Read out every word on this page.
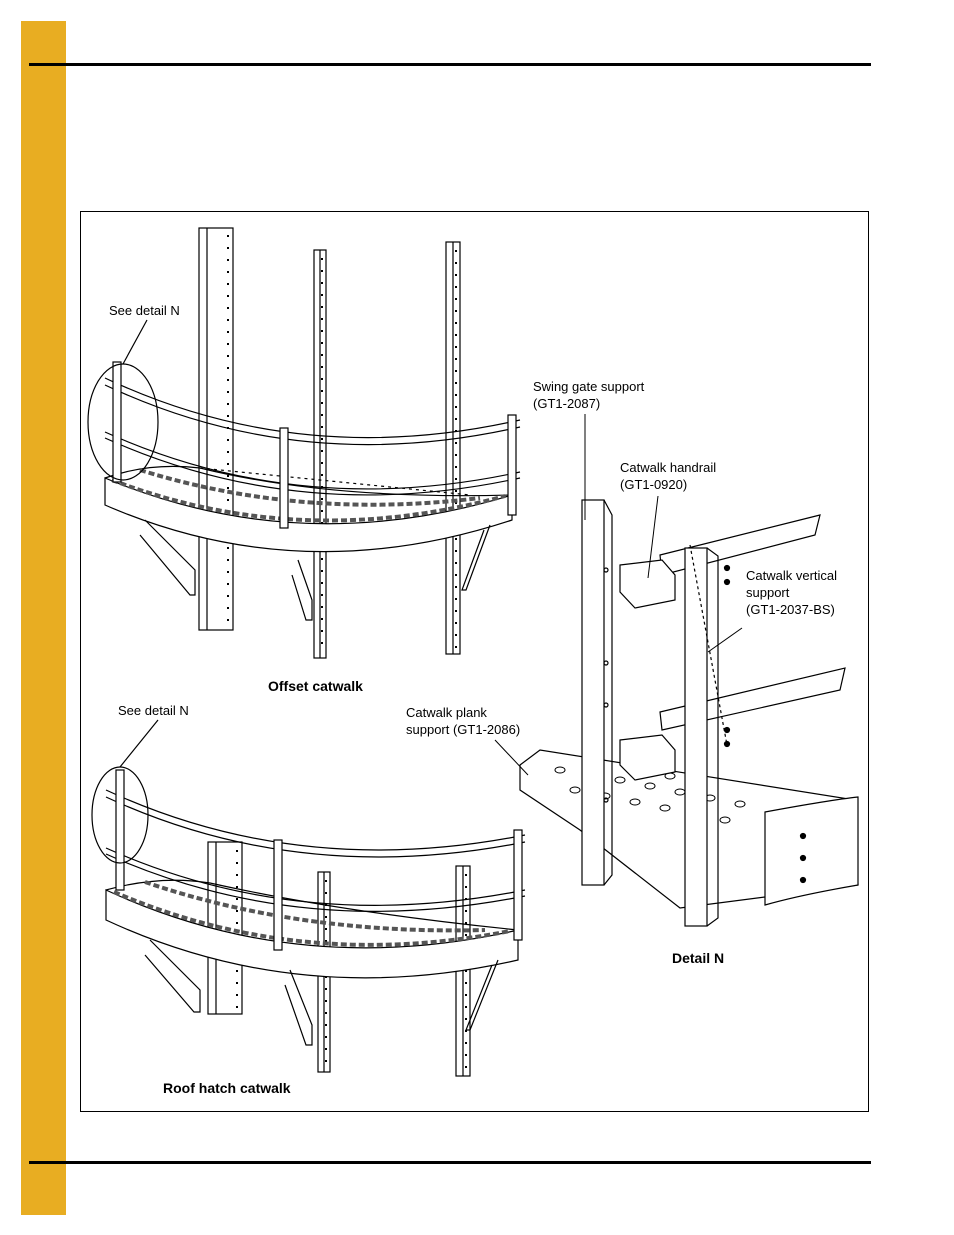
See detail N
Swing gate support
(GT1-2087)
Catwalk handrail
(GT1-0920)
Catwalk vertical
support
(GT1-2037-BS)
Offset catwalk
See detail N	Catwalk plank
support (GT1-2086)
Detail N
Roof hatch catwalk
